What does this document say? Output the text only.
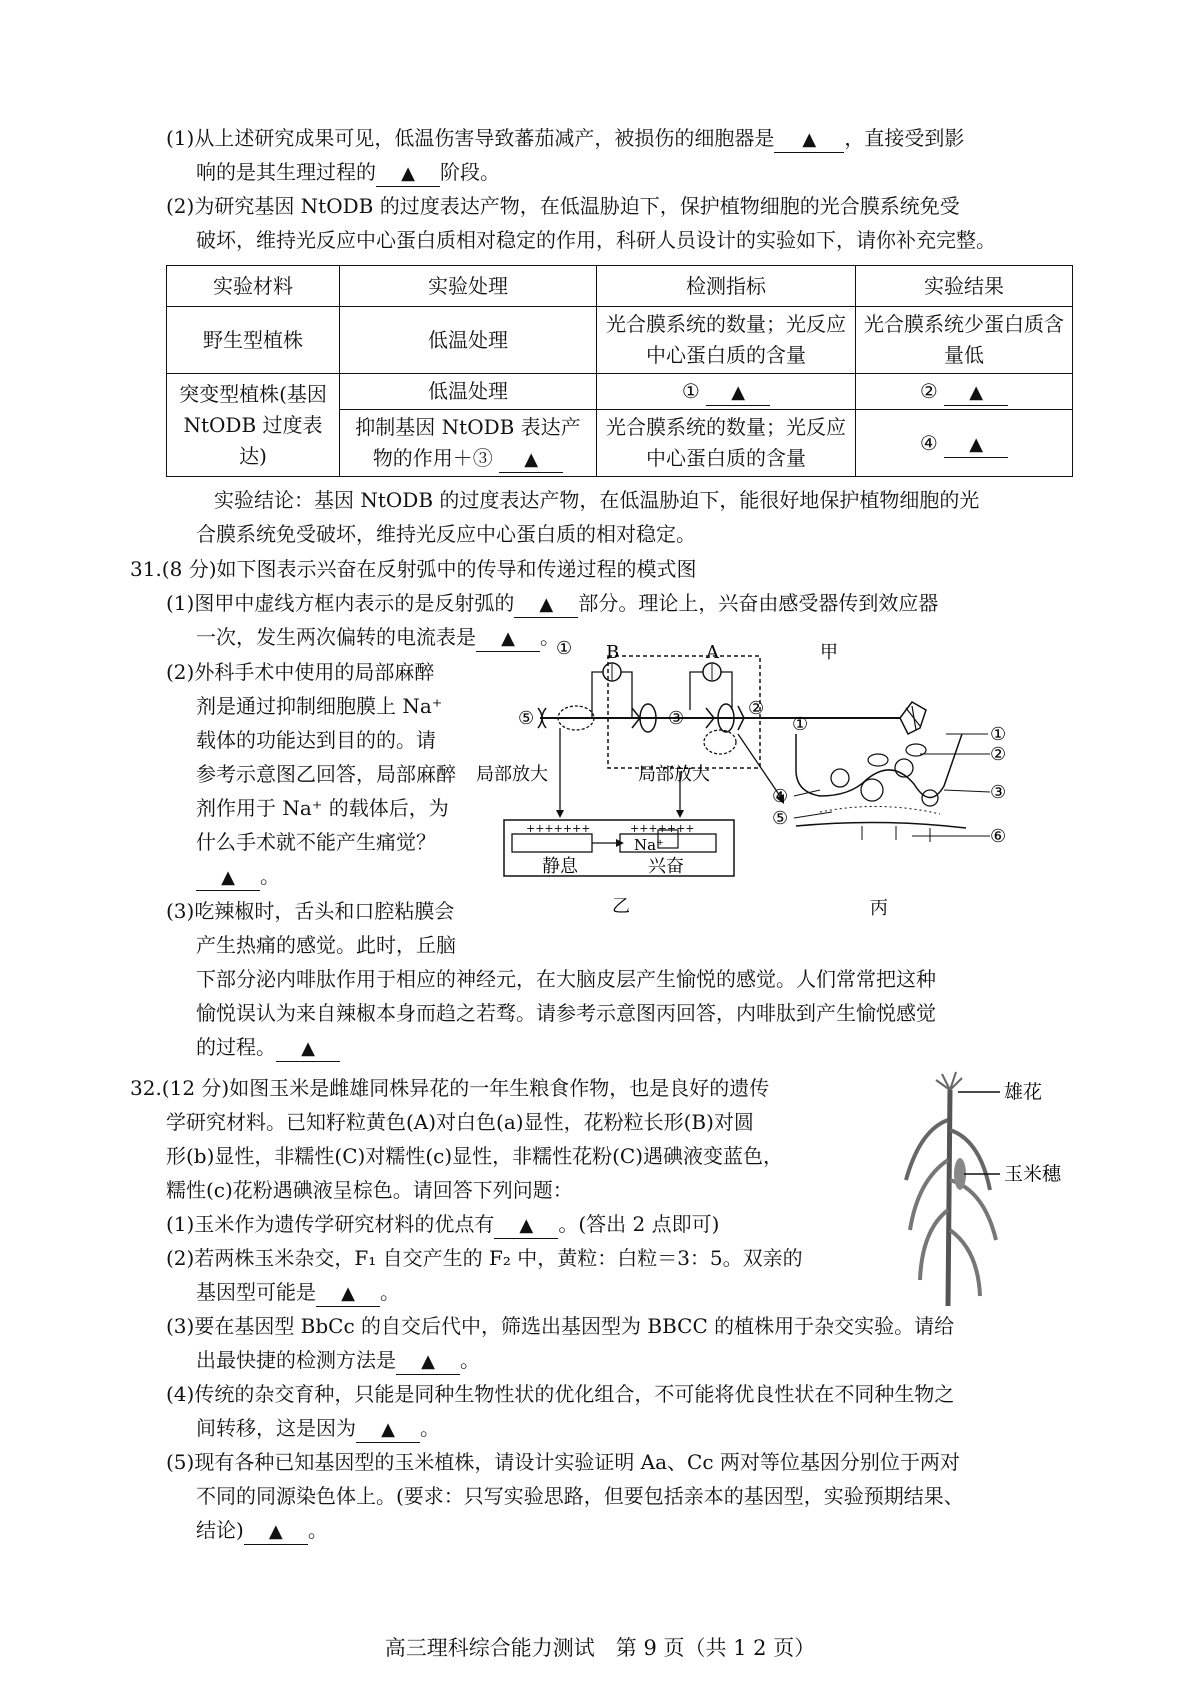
(1)从上述研究成果可见，低温伤害导致蕃茄减产，被损伤的细胞器是 ▲ ，直接受到影
响的是其生理过程的 ▲ 阶段。
(2)为研究基因 NtODB 的过度表达产物，在低温胁迫下，保护植物细胞的光合膜系统免受
破坏，维持光反应中心蛋白质相对稳定的作用，科研人员设计的实验如下，请你补充完整。
实验材料	实验处理	检测指标	实验结果
野生型植株	低温处理	光合膜系统的数量；光反应中心蛋白质的含量	光合膜系统少蛋白质含量低
突变型植株(基因NtODB 过度表达)	低温处理	① ▲	② ▲
	抑制基因 NtODB 表达产物的作用＋③ ▲	光合膜系统的数量；光反应中心蛋白质的含量	④ ▲
实验结论：基因 NtODB 的过度表达产物，在低温胁迫下，能很好地保护植物细胞的光
合膜系统免受破坏，维持光反应中心蛋白质的相对稳定。
31.(8 分)如下图表示兴奋在反射弧中的传导和传递过程的模式图
(1)图甲中虚线方框内表示的是反射弧的 ▲ 部分。理论上，兴奋由感受器传到效应器
一次，发生两次偏转的电流表是 ▲ 。
(2)外科手术中使用的局部麻醉
剂是通过抑制细胞膜上 Na⁺
载体的功能达到目的的。请
参考示意图乙回答，局部麻醉
剂作用于 Na⁺ 的载体后，为
什么手术就不能产生痛觉？
▲ 。
(3)吃辣椒时，舌头和口腔粘膜会
产生热痛的感觉。此时，丘脑
下部分泌内啡肽作用于相应的神经元，在大脑皮层产生愉悦的感觉。人们常常把这种
愉悦误认为来自辣椒本身而趋之若骛。请参考示意图丙回答，内啡肽到产生愉悦感觉
的过程。 ▲
B	A
①
⑤	③	②
①
甲
局部放大	局部放大
+++++++	+++++++
Na⁺
静息	兴奋
乙
①
②
③
④
⑤
⑥
丙
32.(12 分)如图玉米是雌雄同株异花的一年生粮食作物，也是良好的遗传
学研究材料。已知籽粒黄色(A)对白色(a)显性，花粉粒长形(B)对圆
形(b)显性，非糯性(C)对糯性(c)显性，非糯性花粉(C)遇碘液变蓝色，
糯性(c)花粉遇碘液呈棕色。请回答下列问题：
(1)玉米作为遗传学研究材料的优点有 ▲ 。(答出 2 点即可)
(2)若两株玉米杂交，F₁ 自交产生的 F₂ 中，黄粒：白粒＝3：5。双亲的
基因型可能是 ▲ 。
(3)要在基因型 BbCc 的自交后代中，筛选出基因型为 BBCC 的植株用于杂交实验。请给
出最快捷的检测方法是 ▲ 。
(4)传统的杂交育种，只能是同种生物性状的优化组合，不可能将优良性状在不同种生物之
间转移，这是因为 ▲ 。
(5)现有各种已知基因型的玉米植株，请设计实验证明 Aa、Cc 两对等位基因分别位于两对
不同的同源染色体上。(要求：只写实验思路，但要包括亲本的基因型，实验预期结果、
结论) ▲ 。
雄花
玉米穗
高三理科综合能力测试　第 9 页（共 1 2 页）
